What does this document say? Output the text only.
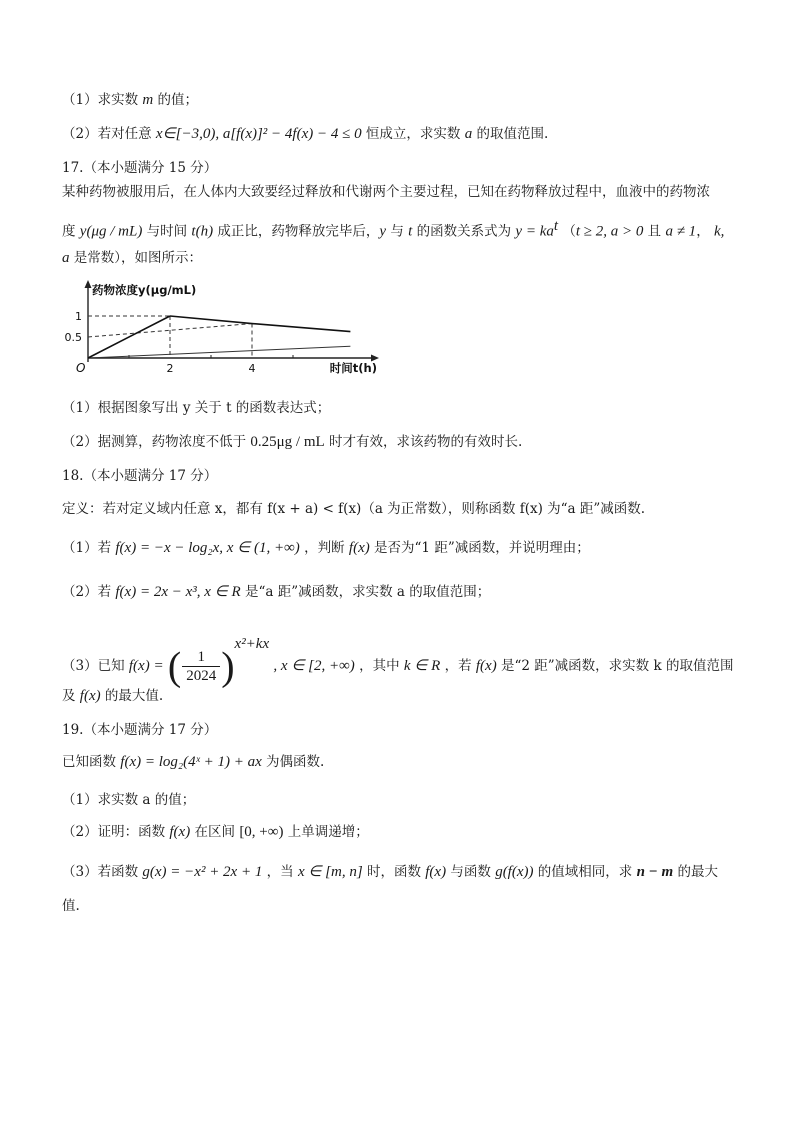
（1）求实数 m 的值；
（2）若对任意 x∈[−3,0), a[f(x)]² − 4f(x) − 4 ≤ 0 恒成立，求实数 a 的取值范围.
17.（本小题满分 15 分）
某种药物被服用后，在人体内大致要经过释放和代谢两个主要过程，已知在药物释放过程中，血液中的药物浓
度 y(μg / mL) 与时间 t(h) 成正比，药物释放完毕后，y 与 t 的函数关系式为 $y = ka^t$ （t ≥ 2, a > 0 且 a ≠ 1， k,
a 是常数），如图所示：
2	4
0.5
1
O
药物浓度y(μg/mL)
时间t(h)
（1）根据图象写出 y 关于 t 的函数表达式；
（2）据测算，药物浓度不低于 0.25μg / mL 时才有效，求该药物的有效时长.
18.（本小题满分 17 分）
定义：若对定义域内任意 x，都有 f(x + a) < f(x)（a 为正常数），则称函数 f(x) 为“a 距”减函数.
（1）若 f(x) = −x − log₂x, x ∈ (1, +∞) ，判断 f(x) 是否为“1 距”减函数，并说明理由；
（2）若 f(x) = 2x − x³, x ∈ R 是“a 距”减函数，求实数 a 的取值范围；
（3）已知 f(x) = ( $\frac{1}{2024} )^{x^2+kx}$ , x ∈ [2, +∞) ，其中 k ∈ R ，若 f(x) 是“2 距”减函数，求实数 k 的取值范围
及 f(x) 的最大值.
19.（本小题满分 17 分）
已知函数 f(x) = log₂(4ˣ + 1) + ax 为偶函数.
（1）求实数 a 的值；
（2）证明：函数 f(x) 在区间 [0, +∞) 上单调递增；
（3）若函数 g(x) = −x² + 2x + 1 ，当 x ∈ [m, n] 时，函数 f(x) 与函数 g(f(x)) 的值域相同，求 n − m 的最大
值.
